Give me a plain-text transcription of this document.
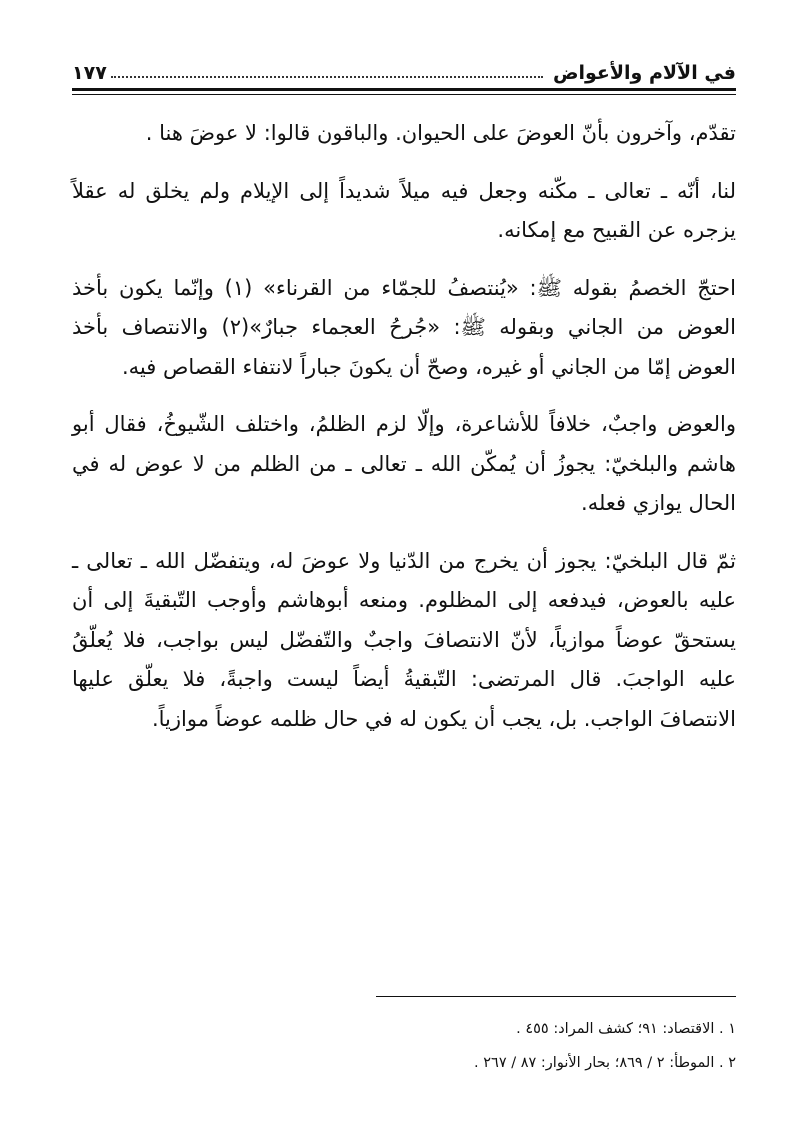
في الآلام والأعواض
١٧٧

تقدّم، وآخرون بأنّ العوضَ على الحيوان. والباقون قالوا: لا عوضَ هنا .

لنا، أنّه ـ تعالى ـ مكّنه وجعل فيه ميلاً شديداً إلى الإيلام ولم يخلق له عقلاً يزجره عن القبيح مع إمكانه.

احتجّ الخصمُ بقوله ﷺ: «يُنتصفُ للجمّاء من القرناء» (١) وإنّما يكون بأخذ العوض من الجاني وبقوله ﷺ: «جُرحُ العجماء جبارٌ»(٢) والانتصاف بأخذ العوض إمّا من الجاني أو غيره، وصحّ أن يكونَ جباراً لانتفاء القصاص فيه.

والعوض واجبٌ، خلافاً للأشاعرة، وإلّا لزم الظلمُ، واختلف الشّيوخُ، فقال أبو هاشم والبلخيّ: يجوزُ أن يُمكّن الله ـ تعالى ـ من الظلم من لا عوض له في الحال يوازي فعله.

ثمّ قال البلخيّ: يجوز أن يخرج من الدّنيا ولا عوضَ له، ويتفضّل الله ـ تعالى ـ عليه بالعوض، فيدفعه إلى المظلوم. ومنعه أبوهاشم وأوجب التّبقيةَ إلى أن يستحقّ عوضاً موازياً، لأنّ الانتصافَ واجبٌ والتّفضّل ليس بواجب، فلا يُعلّقُ عليه الواجبَ. قال المرتضى: التّبقيةُ أيضاً ليست واجبةً، فلا يعلّق عليها الانتصافَ الواجب. بل، يجب أن يكون له في حال ظلمه عوضاً موازياً.

١ . الاقتصاد: ٩١؛ كشف المراد: ٤٥٥ .

٢ . الموطأ: ٢ / ٨٦٩؛ بحار الأنوار: ٨٧ / ٢٦٧ .
